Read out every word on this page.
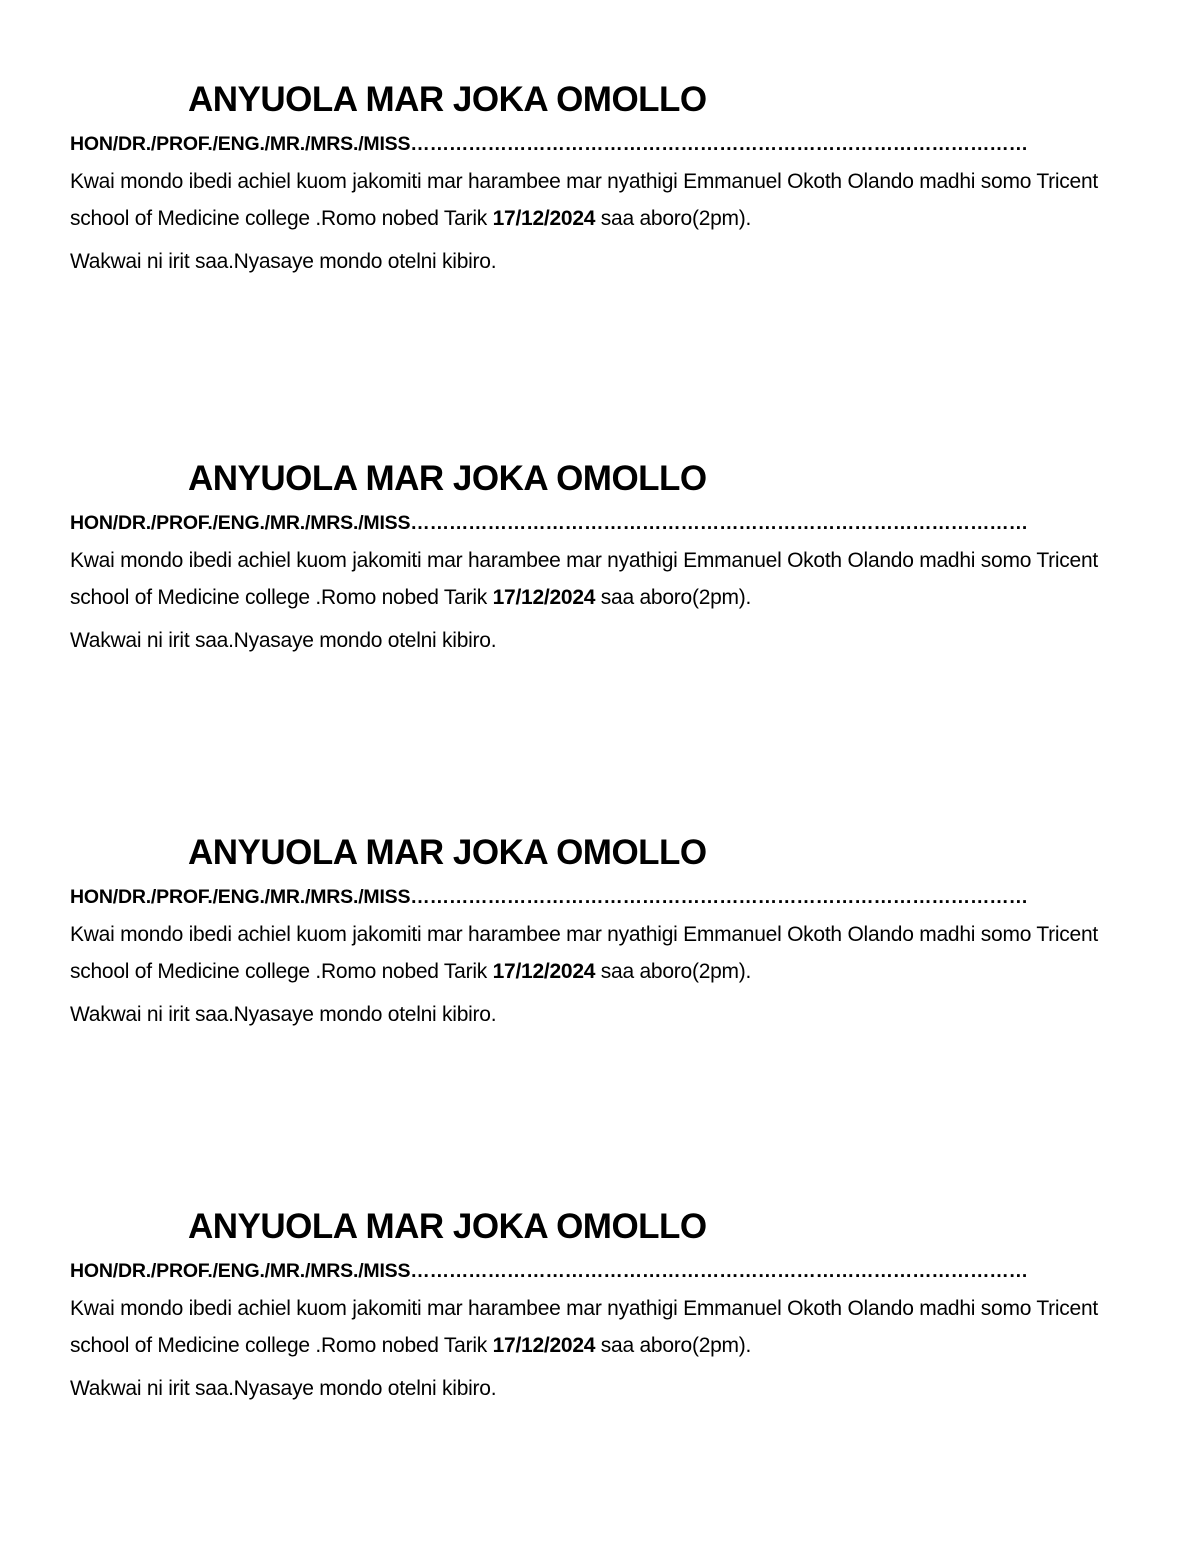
ANYUOLA MAR JOKA OMOLLO

HON/DR./PROF./ENG./MR./MRS./MISS……………………………………………………………………………………

Kwai mondo ibedi achiel kuom jakomiti mar harambee mar nyathigi Emmanuel Okoth Olando madhi somo Tricent school of Medicine college .Romo nobed Tarik 17/12/2024 saa aboro(2pm).

Wakwai ni irit saa.Nyasaye mondo otelni kibiro.

ANYUOLA MAR JOKA OMOLLO

HON/DR./PROF./ENG./MR./MRS./MISS……………………………………………………………………………………

Kwai mondo ibedi achiel kuom jakomiti mar harambee mar nyathigi Emmanuel Okoth Olando madhi somo Tricent school of Medicine college .Romo nobed Tarik 17/12/2024 saa aboro(2pm).

Wakwai ni irit saa.Nyasaye mondo otelni kibiro.

ANYUOLA MAR JOKA OMOLLO

HON/DR./PROF./ENG./MR./MRS./MISS……………………………………………………………………………………

Kwai mondo ibedi achiel kuom jakomiti mar harambee mar nyathigi Emmanuel Okoth Olando madhi somo Tricent school of Medicine college .Romo nobed Tarik 17/12/2024 saa aboro(2pm).

Wakwai ni irit saa.Nyasaye mondo otelni kibiro.

ANYUOLA MAR JOKA OMOLLO

HON/DR./PROF./ENG./MR./MRS./MISS……………………………………………………………………………………

Kwai mondo ibedi achiel kuom jakomiti mar harambee mar nyathigi Emmanuel Okoth Olando madhi somo Tricent school of Medicine college .Romo nobed Tarik 17/12/2024 saa aboro(2pm).

Wakwai ni irit saa.Nyasaye mondo otelni kibiro.
